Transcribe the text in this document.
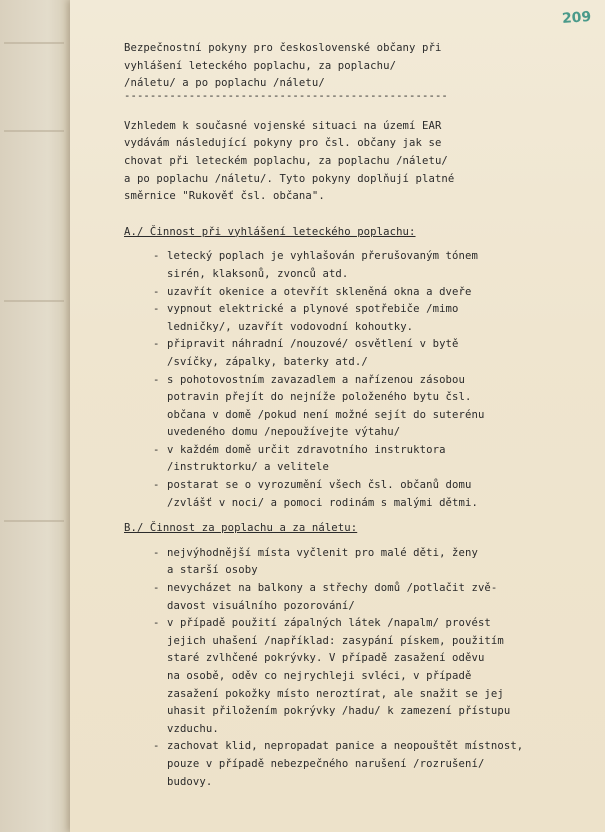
209
Bezpečnostní pokyny pro československé občany při
vyhlášení leteckého poplachu, za poplachu/
/náletu/ a po poplachu /náletu/
--------------------------------------------------
Vzhledem k současné vojenské situaci na území EAR
vydávám následující pokyny pro čsl. občany jak se
chovat při leteckém poplachu, za poplachu /náletu/
a po poplachu /náletu/. Tyto pokyny doplňují platné
směrnice "Rukověť čsl. občana".
A./ Činnost při vyhlášení leteckého poplachu:
- letecký poplach je vyhlašován přerušovaným tónem
sirén, klaksonů, zvonců atd.
- uzavřít okenice a otevřít skleněná okna a dveře
- vypnout elektrické a plynové spotřebiče /mimo
ledničky/, uzavřít vodovodní kohoutky.
- připravit náhradní /nouzové/ osvětlení v bytě
/svíčky, zápalky, baterky atd./
- s pohotovostním zavazadlem a nařízenou zásobou
potravin přejít do nejníže položeného bytu čsl.
občana v domě /pokud není možné sejít do suterénu
uvedeného domu /nepoužívejte výtahu/
- v každém domě určit zdravotního instruktora
/instruktorku/ a velitele
- postarat se o vyrozumění všech čsl. občanů domu
/zvlášť v noci/ a pomoci rodinám s malými dětmi.
B./ Činnost za poplachu a za náletu:
- nejvýhodnější místa vyčlenit pro malé děti, ženy
a starší osoby
- nevycházet na balkony a střechy domů /potlačit zvě-
davost visuálního pozorování/
- v případě použití zápalných látek /napalm/ provést
jejich uhašení /například: zasypání pískem, použitím
staré zvlhčené pokrývky. V případě zasažení oděvu
na osobě, oděv co nejrychleji svléci, v případě
zasažení pokožky místo neroztírat, ale snažit se jej
uhasit přiložením pokrývky /hadu/ k zamezení přístupu
vzduchu.
- zachovat klid, nepropadat panice a neopouštět místnost,
pouze v případě nebezpečného narušení /rozrušení/
budovy.
